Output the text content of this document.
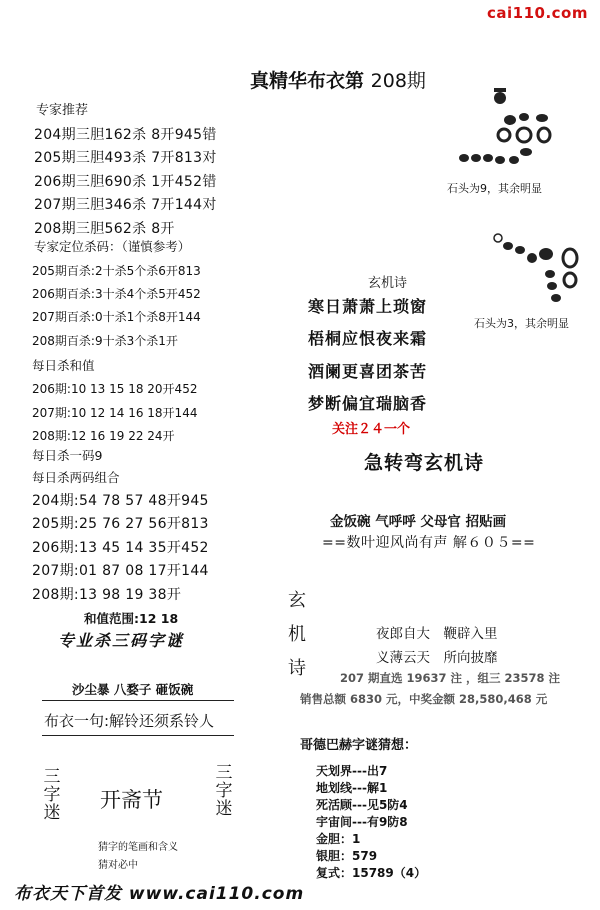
cai110.com
真精华布衣第 208期
专家推荐
204期三胆162杀 8开945错
205期三胆493杀 7开813对
206期三胆690杀 1开452错
207期三胆346杀 7开144对
208期三胆562杀 8开
专家定位杀码：（谨慎参考）
205期百杀:2十杀5个杀6开813
206期百杀:3十杀4个杀5开452
207期百杀:0十杀1个杀8开144
208期百杀:9十杀3个杀1开
每日杀和值
206期:10 13 15 18 20开452
207期:10 12 14 16 18开144
208期:12 16 19 22 24开
每日杀一码9
每日杀两码组合
204期:54 78 57 48开945
205期:25 76 27 56开813
206期:13 45 14 35开452
207期:01 87 08 17开144
208期:13 98 19 38开
和值范围:12 18
专业杀三码字谜
沙尘暴 八婺子 砸饭碗
布衣一句:解铃还须系铃人
三字迷
开斋节
三字迷
猜字的笔画和含义
猜对必中
石头为9，其余明显
石头为3，其余明显
玄机诗
寒日萧萧上琐窗
梧桐应恨夜来霜
酒阑更喜团茶苦
梦断偏宜瑞脑香
关注２４一个
急转弯玄机诗
金饭碗 气呼呼 父母官 招贴画
==数叶迎风尚有声 解６０５==
玄
机
诗
夜郎自大　鞭辟入里
义薄云天　所向披靡
207 期直选 19637 注 ，组三 23578 注
销售总额 6830 元，中奖金额 28,580,468 元
哥德巴赫字谜猜想：
天划界---出7
地划线---解1
死活顾---见5防4
宇宙间---有9防8
金胆：1
银胆：579
复式：15789（4）
布衣天下首发 www.cai110.com
